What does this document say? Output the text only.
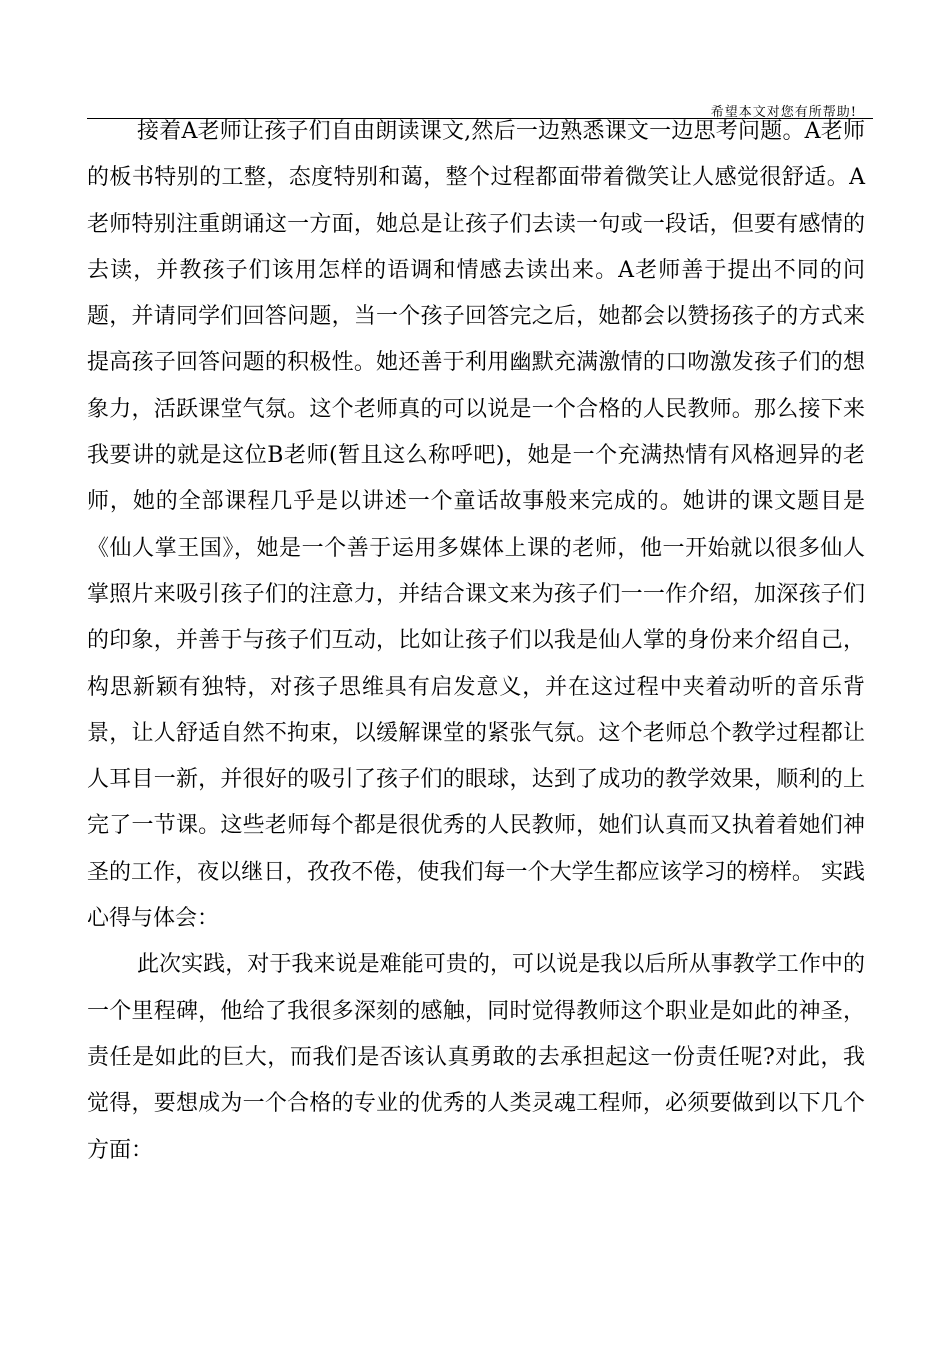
希望本文对您有所帮助!

接着A老师让孩子们自由朗读课文,然后一边熟悉课文一边思考问题。A老师的板书特别的工整，态度特别和蔼，整个过程都面带着微笑让人感觉很舒适。A老师特别注重朗诵这一方面，她总是让孩子们去读一句或一段话，但要有感情的去读，并教孩子们该用怎样的语调和情感去读出来。A老师善于提出不同的问题，并请同学们回答问题，当一个孩子回答完之后，她都会以赞扬孩子的方式来提高孩子回答问题的积极性。她还善于利用幽默充满激情的口吻激发孩子们的想象力，活跃课堂气氛。这个老师真的可以说是一个合格的人民教师。那么接下来我要讲的就是这位B老师(暂且这么称呼吧)，她是一个充满热情有风格迥异的老师，她的全部课程几乎是以讲述一个童话故事般来完成的。她讲的课文题目是《仙人掌王国》，她是一个善于运用多媒体上课的老师，他一开始就以很多仙人掌照片来吸引孩子们的注意力，并结合课文来为孩子们一一作介绍，加深孩子们的印象，并善于与孩子们互动，比如让孩子们以我是仙人掌的身份来介绍自己，构思新颖有独特，对孩子思维具有启发意义，并在这过程中夹着动听的音乐背景，让人舒适自然不拘束，以缓解课堂的紧张气氛。这个老师总个教学过程都让人耳目一新，并很好的吸引了孩子们的眼球，达到了成功的教学效果，顺利的上完了一节课。这些老师每个都是很优秀的人民教师，她们认真而又执着着她们神圣的工作，夜以继日，孜孜不倦，使我们每一个大学生都应该学习的榜样。 实践心得与体会：

此次实践，对于我来说是难能可贵的，可以说是我以后所从事教学工作中的一个里程碑，他给了我很多深刻的感触，同时觉得教师这个职业是如此的神圣，责任是如此的巨大，而我们是否该认真勇敢的去承担起这一份责任呢?对此，我觉得，要想成为一个合格的专业的优秀的人类灵魂工程师，必须要做到以下几个方面：
